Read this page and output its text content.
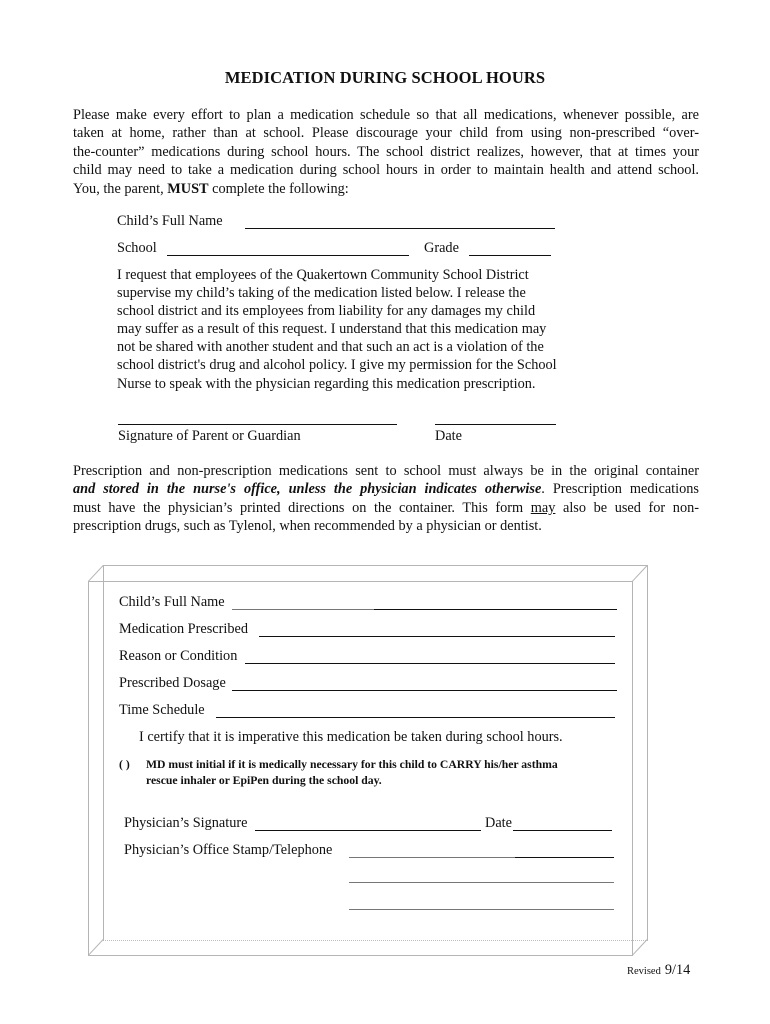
MEDICATION DURING SCHOOL HOURS
Please make every effort to plan a medication schedule so that all medications, whenever possible, are
taken at home, rather than at school. Please discourage your child from using non-prescribed “over-
the-counter” medications during school hours. The school district realizes, however, that at times your
child may need to take a medication during school hours in order to maintain health and attend school.
You, the parent, MUST complete the following:
Child’s Full Name
School	Grade
I request that employees of the Quakertown Community School District
supervise my child’s taking of the medication listed below. I release the
school district and its employees from liability for any damages my child
may suffer as a result of this request. I understand that this medication may
not be shared with another student and that such an act is a violation of the
school district's drug and alcohol policy. I give my permission for the School
Nurse to speak with the physician regarding this medication prescription.
Signature of Parent or Guardian	Date
Prescription and non-prescription medications sent to school must always be in the original container
and stored in the nurse's office, unless the physician indicates otherwise. Prescription medications
must have the physician’s printed directions on the container. This form may also be used for non-
prescription drugs, such as Tylenol, when recommended by a physician or dentist.
Child’s Full Name
Medication Prescribed
Reason or Condition
Prescribed Dosage
Time Schedule
I certify that it is imperative this medication be taken during school hours.
( ) MD must initial if it is medically necessary for this child to CARRY his/her asthma
rescue inhaler or EpiPen during the school day.
Physician’s Signature	Date
Physician’s Office Stamp/Telephone
Revised 9/14
